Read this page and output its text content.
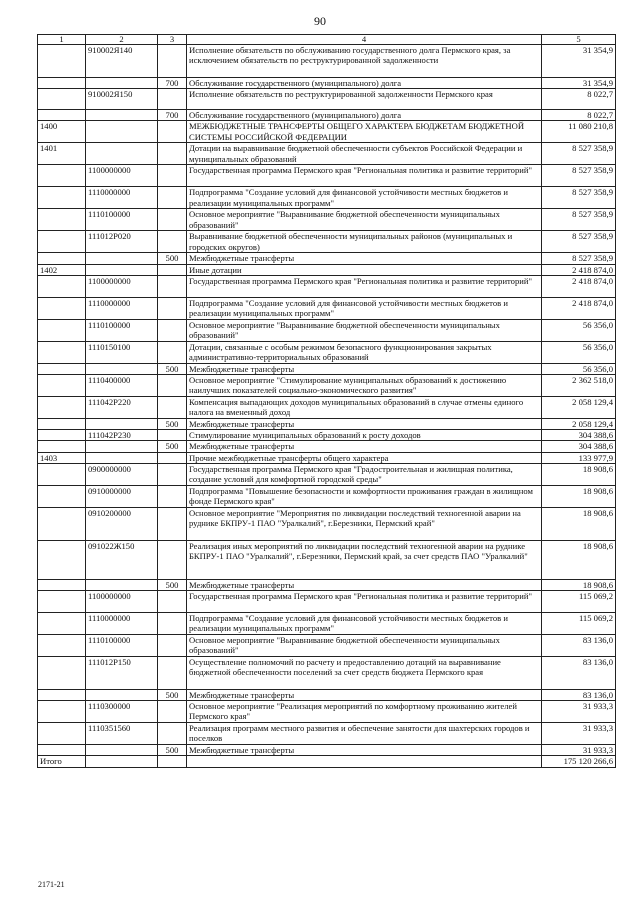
90
1	2	3	4	5
	910002Я140		Исполнение обязательств по обслуживанию государственного долга Пермского края, за исключением обязательств по реструктурированной задолженности	31 354,9
		700	Обслуживание государственного (муниципального) долга	31 354,9
	910002Я150		Исполнение обязательств по реструктурированной задолженности Пермского края	8 022,7
		700	Обслуживание государственного (муниципального) долга	8 022,7
1400			МЕЖБЮДЖЕТНЫЕ ТРАНСФЕРТЫ ОБЩЕГО ХАРАКТЕРА БЮДЖЕТАМ БЮДЖЕТНОЙ СИСТЕМЫ РОССИЙСКОЙ ФЕДЕРАЦИИ	11 080 210,8
1401			Дотации на выравнивание бюджетной обеспеченности субъектов Российской Федерации и муниципальных образований	8 527 358,9
	1100000000		Государственная программа Пермского края "Региональная политика и развитие территорий"	8 527 358,9
	1110000000		Подпрограмма "Создание условий для финансовой устойчивости местных бюджетов и реализации муниципальных программ"	8 527 358,9
	1110100000		Основное мероприятие "Выравнивание бюджетной обеспеченности муниципальных образований"	8 527 358,9
	111012Р020		Выравнивание бюджетной обеспеченности муниципальных районов (муниципальных и городских округов)	8 527 358,9
		500	Межбюджетные трансферты	8 527 358,9
1402			Иные дотации	2 418 874,0
	1100000000		Государственная программа Пермского края "Региональная политика и развитие территорий"	2 418 874,0
	1110000000		Подпрограмма "Создание условий для финансовой устойчивости местных бюджетов и реализации муниципальных программ"	2 418 874,0
	1110100000		Основное мероприятие "Выравнивание бюджетной обеспеченности муниципальных образований"	56 356,0
	1110150100		Дотации, связанные с особым режимом безопасного функционирования закрытых административно-территориальных образований	56 356,0
		500	Межбюджетные трансферты	56 356,0
	1110400000		Основное мероприятие "Стимулирование муниципальных образований к достижению наилучших показателей социально-экономического развития"	2 362 518,0
	111042Р220		Компенсация выпадающих доходов муниципальных образований в случае отмены единого налога на вмененный доход	2 058 129,4
		500	Межбюджетные трансферты	2 058 129,4
	111042Р230		Стимулирование муниципальных образований к росту доходов	304 388,6
		500	Межбюджетные трансферты	304 388,6
1403			Прочие межбюджетные трансферты общего характера	133 977,9
	0900000000		Государственная программа Пермского края "Градостроительная и жилищная политика, создание условий для комфортной городской среды"	18 908,6
	0910000000		Подпрограмма "Повышение безопасности и комфортности проживания граждан в жилищном фонде Пермского края"	18 908,6
	0910200000		Основное мероприятие "Мероприятия по ликвидации последствий техногенной аварии на руднике БКПРУ-1 ПАО "Уралкалий", г.Березники, Пермский край"	18 908,6
	091022Ж150		Реализация иных мероприятий по ликвидации последствий техногенной аварии на руднике БКПРУ-1 ПАО "Уралкалий", г.Березники, Пермский край, за счет средств ПАО "Уралкалий"	18 908,6
		500	Межбюджетные трансферты	18 908,6
	1100000000		Государственная программа Пермского края "Региональная политика и развитие территорий"	115 069,2
	1110000000		Подпрограмма "Создание условий для финансовой устойчивости местных бюджетов и реализации муниципальных программ"	115 069,2
	1110100000		Основное мероприятие "Выравнивание бюджетной обеспеченности муниципальных образований"	83 136,0
	111012Р150		Осуществление полномочий по расчету и предоставлению дотаций на выравнивание бюджетной обеспеченности поселений за счет средств бюджета Пермского края	83 136,0
		500	Межбюджетные трансферты	83 136,0
	1110300000		Основное мероприятие "Реализация мероприятий по комфортному проживанию жителей Пермского края"	31 933,3
	1110351560		Реализация программ местного развития и обеспечение занятости для шахтерских городов и поселков	31 933,3
		500	Межбюджетные трансферты	31 933,3
Итого				175 120 266,6
2171-21
